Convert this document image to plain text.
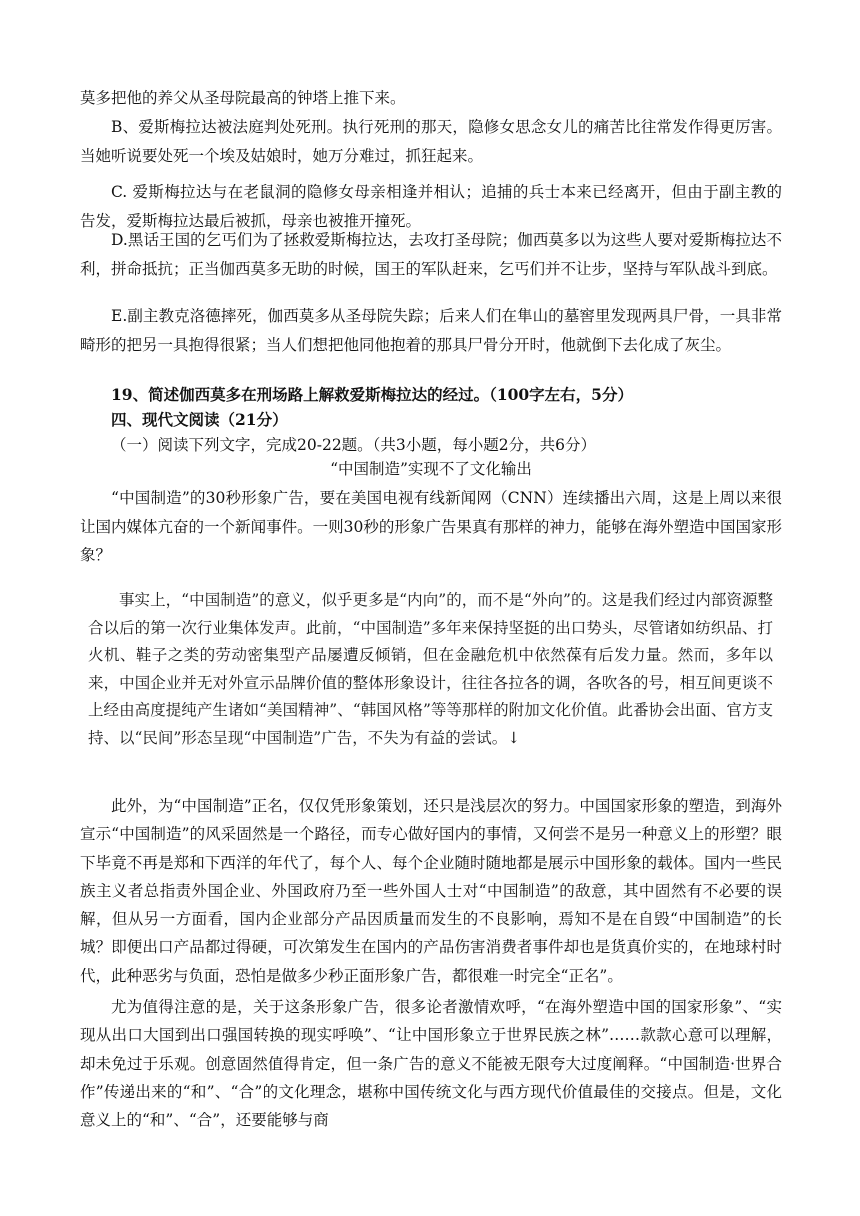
莫多把他的养父从圣母院最高的钟塔上推下来。
B、爱斯梅拉达被法庭判处死刑。执行死刑的那天，隐修女思念女儿的痛苦比往常发作得更厉害。当她听说要处死一个埃及姑娘时，她万分难过，抓狂起来。
C. 爱斯梅拉达与在老鼠洞的隐修女母亲相逢并相认；追捕的兵士本来已经离开，但由于副主教的告发，爱斯梅拉达最后被抓，母亲也被推开撞死。
D.黑话王国的乞丐们为了拯救爱斯梅拉达，去攻打圣母院；伽西莫多以为这些人要对爱斯梅拉达不利，拼命抵抗；正当伽西莫多无助的时候，国王的军队赶来，乞丐们并不让步，坚持与军队战斗到底。
E.副主教克洛德摔死，伽西莫多从圣母院失踪；后来人们在隼山的墓窖里发现两具尸骨，一具非常畸形的把另一具抱得很紧；当人们想把他同他抱着的那具尸骨分开时，他就倒下去化成了灰尘。
19、简述伽西莫多在刑场路上解救爱斯梅拉达的经过。（100字左右，5分）
四、现代文阅读（21分）
（一）阅读下列文字，完成20-22题。（共3小题，每小题2分，共6分）
“中国制造”实现不了文化输出
“中国制造”的30秒形象广告，要在美国电视有线新闻网（CNN）连续播出六周，这是上周以来很让国内媒体亢奋的一个新闻事件。一则30秒的形象广告果真有那样的神力，能够在海外塑造中国国家形象？
事实上，“中国制造”的意义，似乎更多是“内向”的，而不是“外向”的。这是我们经过内部资源整合以后的第一次行业集体发声。此前，“中国制造”多年来保持坚挺的出口势头，尽管诸如纺织品、打火机、鞋子之类的劳动密集型产品屡遭反倾销，但在金融危机中依然葆有后发力量。然而，多年以来，中国企业并无对外宣示品牌价值的整体形象设计，往往各拉各的调，各吹各的号，相互间更谈不上经由高度提纯产生诸如“美国精神”、“韩国风格”等等那样的附加文化价值。此番协会出面、官方支持、以“民间”形态呈现“中国制造”广告，不失为有益的尝试。↓
此外，为“中国制造”正名，仅仅凭形象策划，还只是浅层次的努力。中国国家形象的塑造，到海外宣示“中国制造”的风采固然是一个路径，而专心做好国内的事情，又何尝不是另一种意义上的形塑？眼下毕竟不再是郑和下西洋的年代了，每个人、每个企业随时随地都是展示中国形象的载体。国内一些民族主义者总指责外国企业、外国政府乃至一些外国人士对“中国制造”的敌意，其中固然有不必要的误解，但从另一方面看，国内企业部分产品因质量而发生的不良影响，焉知不是在自毁“中国制造”的长城？即便出口产品都过得硬，可次第发生在国内的产品伤害消费者事件却也是货真价实的，在地球村时代，此种恶劣与负面，恐怕是做多少秒正面形象广告，都很难一时完全“正名”。
尤为值得注意的是，关于这条形象广告，很多论者激情欢呼，“在海外塑造中国的国家形象”、“实现从出口大国到出口强国转换的现实呼唤”、“让中国形象立于世界民族之林”……款款心意可以理解，却未免过于乐观。创意固然值得肯定，但一条广告的意义不能被无限夸大过度阐释。“中国制造·世界合作”传递出来的“和”、“合”的文化理念，堪称中国传统文化与西方现代价值最佳的交接点。但是，文化意义上的“和”、“合”，还要能够与商
